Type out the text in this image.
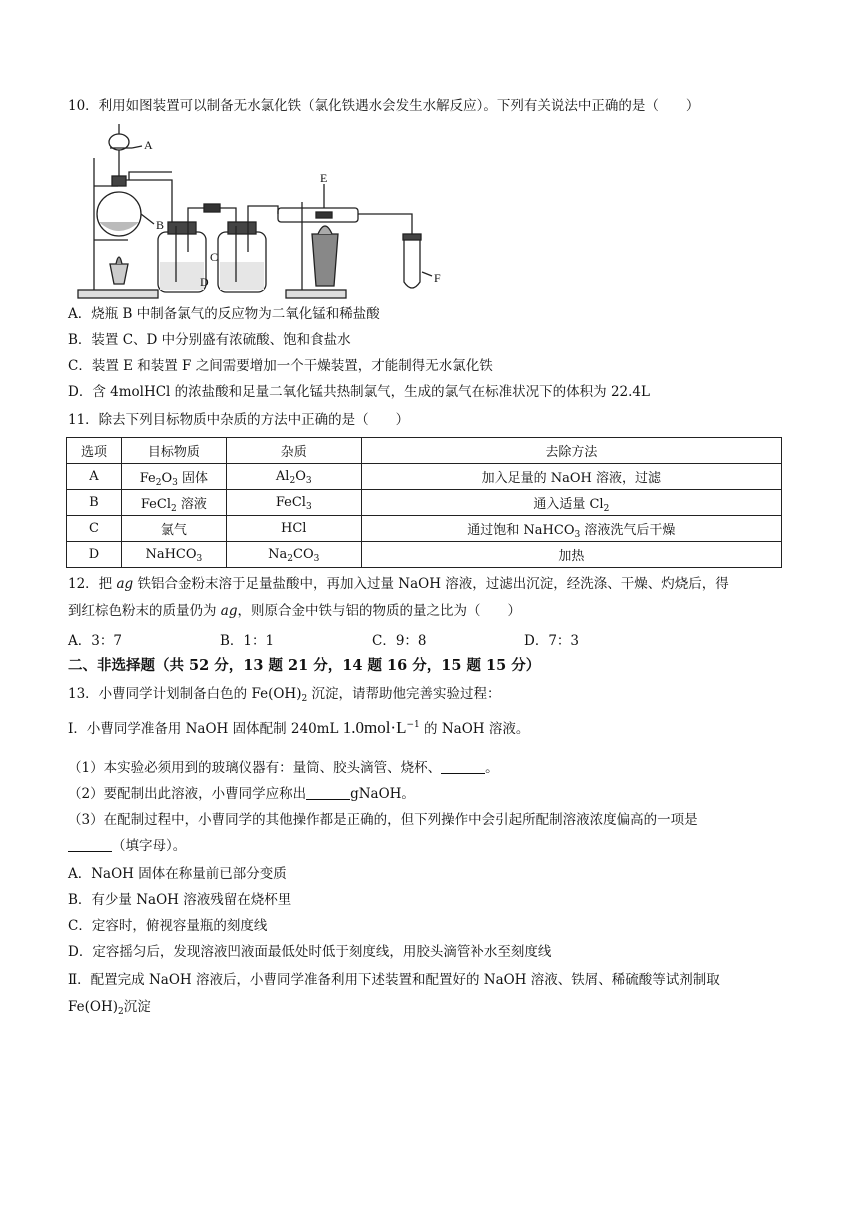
10．利用如图装置可以制备无水氯化铁（氯化铁遇水会发生水解反应）。下列有关说法中正确的是（　　）
A
B
C
D
E
F
A．烧瓶 B 中制备氯气的反应物为二氧化锰和稀盐酸
B．装置 C、D 中分别盛有浓硫酸、饱和食盐水
C．装置 E 和装置 F 之间需要增加一个干燥装置，才能制得无水氯化铁
D．含 4molHCl 的浓盐酸和足量二氧化锰共热制氯气，生成的氯气在标准状况下的体积为 22.4L
11．除去下列目标物质中杂质的方法中正确的是（　　）
选项	目标物质	杂质	去除方法
A	$Fe_2O_3$ 固体	$Al_2O_3$	加入足量的 NaOH 溶液，过滤
B	FeCl$_2$ 溶液	FeCl$_3$	通入适量 $Cl_2$
C	氯气	HCl	通过饱和 NaHCO$_3$ 溶液洗气后干燥
D	NaHCO$_3$	$Na_2CO_3$	加热
12．把 ag 铁铝合金粉末溶于足量盐酸中，再加入过量 NaOH 溶液，过滤出沉淀，经洗涤、干燥、灼烧后，得
到红棕色粉末的质量仍为 ag，则原合金中铁与铝的物质的量之比为（　　）
A．3：7	B．1：1	C．9：8	D．7：3
二、非选择题（共 52 分，13 题 21 分，14 题 16 分，15 题 15 分）
13．小曹同学计划制备白色的 $Fe(OH)_2$ 沉淀，请帮助他完善实验过程：
I．小曹同学准备用 NaOH 固体配制 240mL $1.0mol\cdot L^{-1}$ 的 NaOH 溶液。
（1）本实验必须用到的玻璃仪器有：量筒、胶头滴管、烧杯、	。
（2）要配制出此溶液，小曹同学应称出	gNaOH。
（3）在配制过程中，小曹同学的其他操作都是正确的，但下列操作中会引起所配制溶液浓度偏高的一项是
（填字母）。
A．NaOH 固体在称量前已部分变质
B．有少量 NaOH 溶液残留在烧杯里
C．定容时，俯视容量瓶的刻度线
D．定容摇匀后，发现溶液凹液面最低处时低于刻度线，用胶头滴管补水至刻度线
Ⅱ．配置完成 NaOH 溶液后，小曹同学准备利用下述装置和配置好的 NaOH 溶液、铁屑、稀硫酸等试剂制取
$Fe(OH)_2$沉淀
